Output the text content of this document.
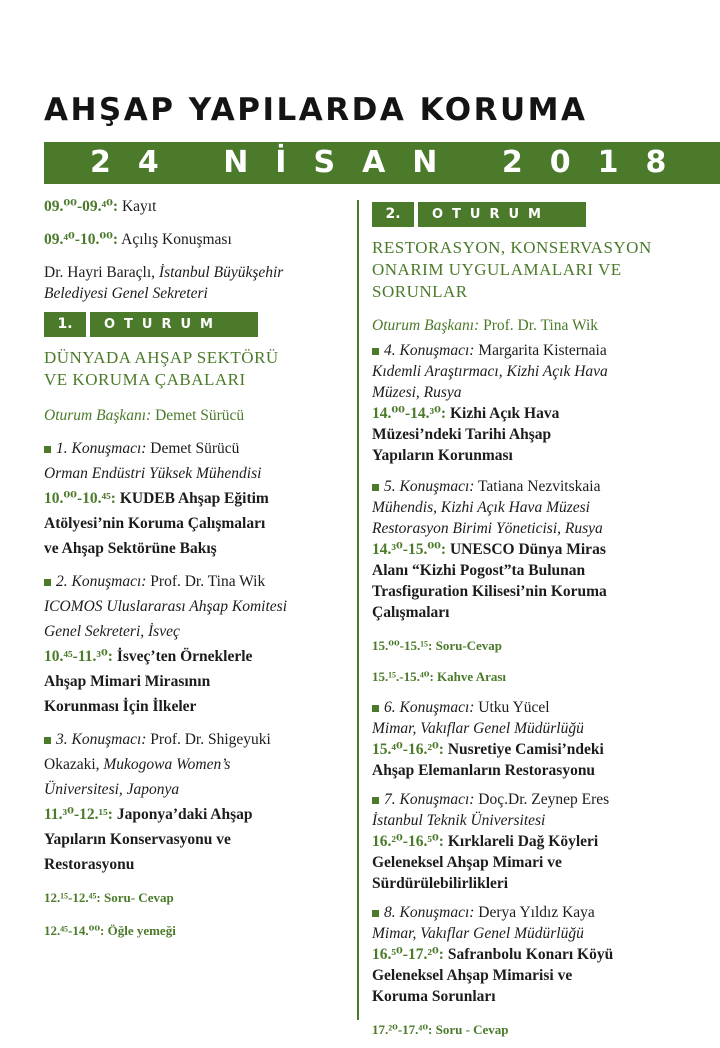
AHŞAP YAPILARDA KORUMA
24 NİSAN 2018
09.⁰⁰-09.⁴⁰: Kayıt
09.⁴⁰-10.⁰⁰: Açılış Konuşması
Dr. Hayri Baraçlı, İstanbul Büyükşehir
Belediyesi Genel Sekreteri
1.	OTURUM
DÜNYADA AHŞAP SEKTÖRÜ
VE KORUMA ÇABALARI
Oturum Başkanı: Demet Sürücü
1. Konuşmacı: Demet Sürücü
Orman Endüstri Yüksek Mühendisi
10.⁰⁰-10.⁴⁵: KUDEB Ahşap Eğitim
Atölyesi’nin Koruma Çalışmaları
ve Ahşap Sektörüne Bakış
2. Konuşmacı: Prof. Dr. Tina Wik
ICOMOS Uluslararası Ahşap Komitesi
Genel Sekreteri, İsveç
10.⁴⁵-11.³⁰: İsveç’ten Örneklerle
Ahşap Mimari Mirasının
Korunması İçin İlkeler
3. Konuşmacı: Prof. Dr. Shigeyuki
Okazaki, Mukogowa Women’s
Üniversitesi, Japonya
11.³⁰-12.¹⁵: Japonya’daki Ahşap
Yapıların Konservasyonu ve
Restorasyonu
12.¹⁵-12.⁴⁵: Soru- Cevap
12.⁴⁵-14.⁰⁰: Öğle yemeği
2.	OTURUM
RESTORASYON, KONSERVASYON
ONARIM UYGULAMALARI VE
SORUNLAR
Oturum Başkanı: Prof. Dr. Tina Wik
4. Konuşmacı: Margarita Kisternaia
Kıdemli Araştırmacı, Kizhi Açık Hava
Müzesi, Rusya
14.⁰⁰-14.³⁰: Kizhi Açık Hava
Müzesi’ndeki Tarihi Ahşap
Yapıların Korunması
5. Konuşmacı: Tatiana Nezvitskaia
Mühendis, Kizhi Açık Hava Müzesi
Restorasyon Birimi Yöneticisi, Rusya
14.³⁰-15.⁰⁰: UNESCO Dünya Miras
Alanı “Kizhi Pogost”ta Bulunan
Trasfiguration Kilisesi’nin Koruma
Çalışmaları
15.⁰⁰-15.¹⁵: Soru-Cevap
15.¹⁵.-15.⁴⁰: Kahve Arası
6. Konuşmacı: Utku Yücel
Mimar, Vakıflar Genel Müdürlüğü
15.⁴⁰-16.²⁰: Nusretiye Camisi’ndeki
Ahşap Elemanların Restorasyonu
7. Konuşmacı: Doç.Dr. Zeynep Eres
İstanbul Teknik Üniversitesi
16.²⁰-16.⁵⁰: Kırklareli Dağ Köyleri
Geleneksel Ahşap Mimari ve
Sürdürülebilirlikleri
8. Konuşmacı: Derya Yıldız Kaya
Mimar, Vakıflar Genel Müdürlüğü
16.⁵⁰-17.²⁰: Safranbolu Konarı Köyü
Geleneksel Ahşap Mimarisi ve
Koruma Sorunları
17.²⁰-17.⁴⁰: Soru - Cevap
